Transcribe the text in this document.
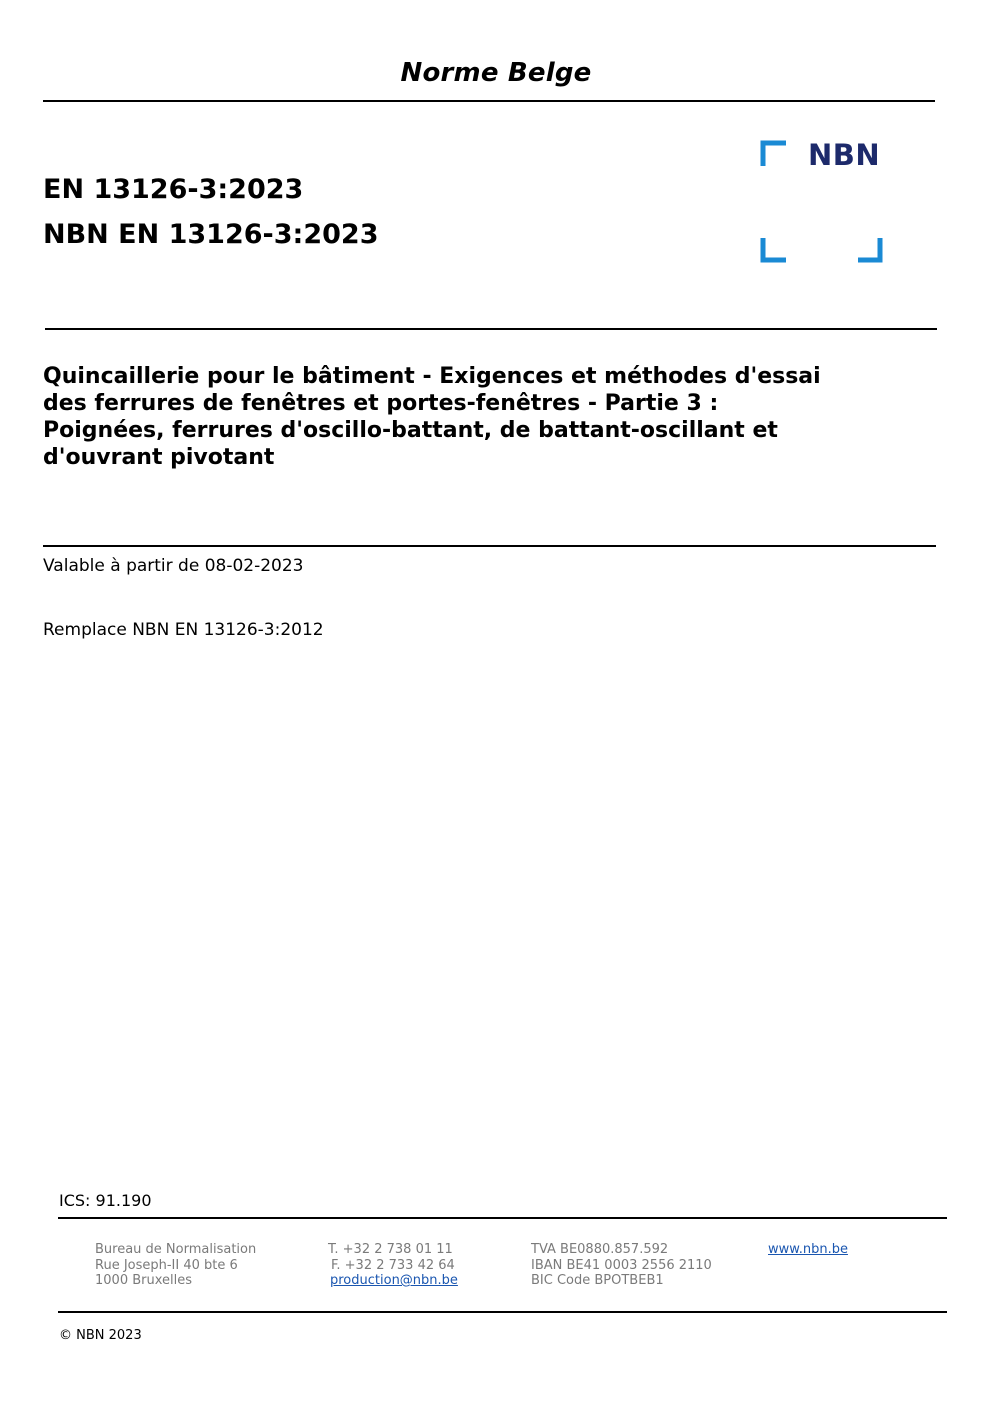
Norme Belge
EN 13126-3:2023
NBN EN 13126-3:2023
NBN
Quincaillerie pour le bâtiment - Exigences et méthodes d'essai
des ferrures de fenêtres et portes-fenêtres - Partie 3 :
Poignées, ferrures d'oscillo-battant, de battant-oscillant et
d'ouvrant pivotant
Valable à partir de 08-02-2023
Remplace NBN EN 13126-3:2012
ICS: 91.190
Bureau de Normalisation
Rue Joseph-II 40 bte 6
1000 Bruxelles
T. +32 2 738 01 11
F. +32 2 733 42 64
production@nbn.be
TVA BE0880.857.592
IBAN BE41 0003 2556 2110
BIC Code BPOTBEB1
www.nbn.be
© NBN 2023
